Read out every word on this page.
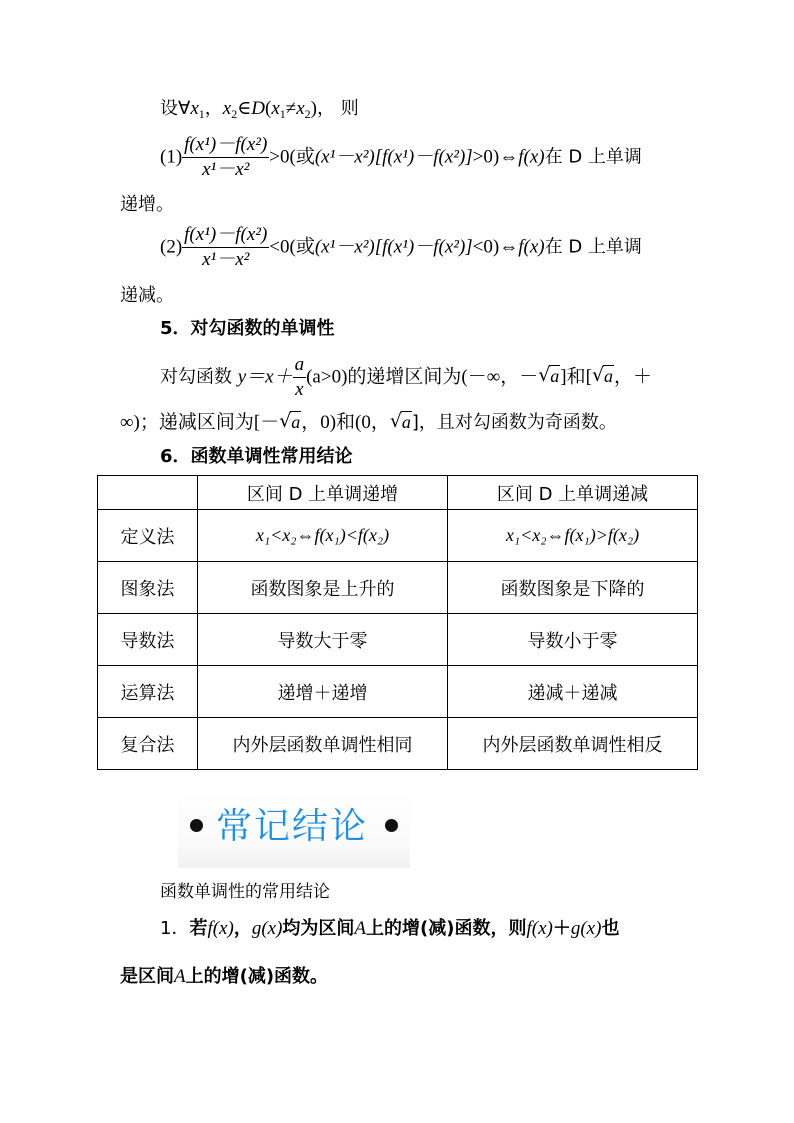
设$\forall x_1$，$x_2\in D(x_1\ne x_2)$， 则
$(1) \frac{\text{f(x¹)－f(x²)}}{\text{x¹－x²}} >0$(或(x¹－x²)[f(x¹)－f(x²)]>0)⇔f(x)在 D 上单调
递增。
$(2) \frac{\text{f(x¹)－f(x²)}}{\text{x¹－x²}} <0$(或(x¹－x²)[f(x¹)－f(x²)]<0)⇔f(x)在 D 上单调
递减。
5．对勾函数的单调性
对勾函数 $y=x+ \frac{a}{x} (a>0)$的递增区间为(－∞，－ √ a]和[ √ a，＋
∞)；递减区间为[－ √ a，0)和(0， √ a]，且对勾函数为奇函数。
6．函数单调性常用结论
	区间 D 上单调递增	区间 D 上单调递减
定义法	x₁<x₂⇔f(x₁)<f(x₂)	x₁<x₂⇔f(x₁)>f(x₂)
图象法	函数图象是上升的	函数图象是下降的
导数法	导数大于零	导数小于零
运算法	递增＋递增	递减＋递减
复合法	内外层函数单调性相同	内外层函数单调性相反
常记结论
函数单调性的常用结论
1．若f(x)，g(x)均为区间A上的增(减)函数，则f(x)＋g(x)也
是区间A上的增(减)函数。
